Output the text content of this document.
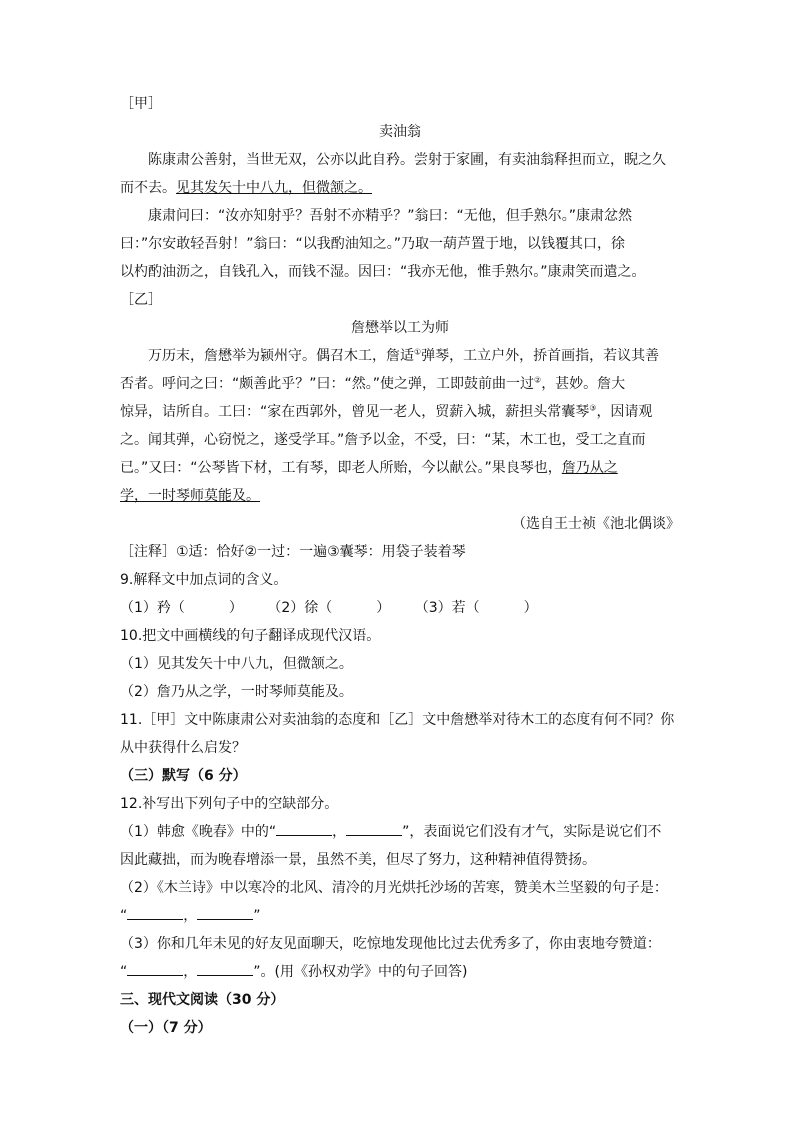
［甲］
卖油翁
陈康肃公善射，当世无双，公亦以此自矜。尝射于家圃，有卖油翁释担而立，睨之久
而不去。见其发矢十中八九，但微颔之。
康肃问曰：“汝亦知射乎？吾射不亦精乎？”翁曰：“无他，但手熟尔。”康肃忿然
曰：”尔安敢轻吾射！”翁曰：“以我酌油知之。”乃取一葫芦置于地，以钱覆其口，徐
以杓酌油沥之，自钱孔入，而钱不湿。因曰：“我亦无他，惟手熟尔。”康肃笑而遣之。
［乙］
詹懋举以工为师
万历末，詹懋举为颍州守。偶召木工，詹适①弹琴，工立户外，挢首画指，若议其善
否者。呼问之曰：“颇善此乎？”曰：“然。”使之弹，工即鼓前曲一过②，甚妙。詹大
惊异，诘所自。工曰：“家在西郭外，曾见一老人，贸薪入城，薪担头常囊琴③，因请观
之。闻其弹，心窃悦之，遂受学耳。”詹予以金，不受，曰：“某，木工也，受工之直而
已。”又曰：“公琴皆下材，工有琴，即老人所贻，今以献公。”果良琴也，詹乃从之
学，一时琴师莫能及。
（选自王士祯《池北偶谈》
［注释］①适：恰好②一过：一遍③囊琴：用袋子装着琴
9.解释文中加点词的含义。
（1）矜（	） （2）徐（	） （3）若（	）
10.把文中画横线的句子翻译成现代汉语。
（1）见其发矢十中八九，但微颔之。
（2）詹乃从之学，一时琴师莫能及。
11.［甲］文中陈康肃公对卖油翁的态度和［乙］文中詹懋举对待木工的态度有何不同？你
从中获得什么启发？
（三）默写（6 分）
12.补写出下列句子中的空缺部分。
（1）韩愈《晚春》中的“	，	”，表面说它们没有才气，实际是说它们不
因此藏拙，而为晚春增添一景，虽然不美，但尽了努力，这种精神值得赞扬。
（2）《木兰诗》中以寒冷的北风、清冷的月光烘托沙场的苦寒，赞美木兰坚毅的句子是：
“	，	”
（3）你和几年未见的好友见面聊天，吃惊地发现他比过去优秀多了，你由衷地夸赞道：
“	，	”。(用《孙权劝学》中的句子回答)
三、现代文阅读（30 分）
（一）（7 分）
